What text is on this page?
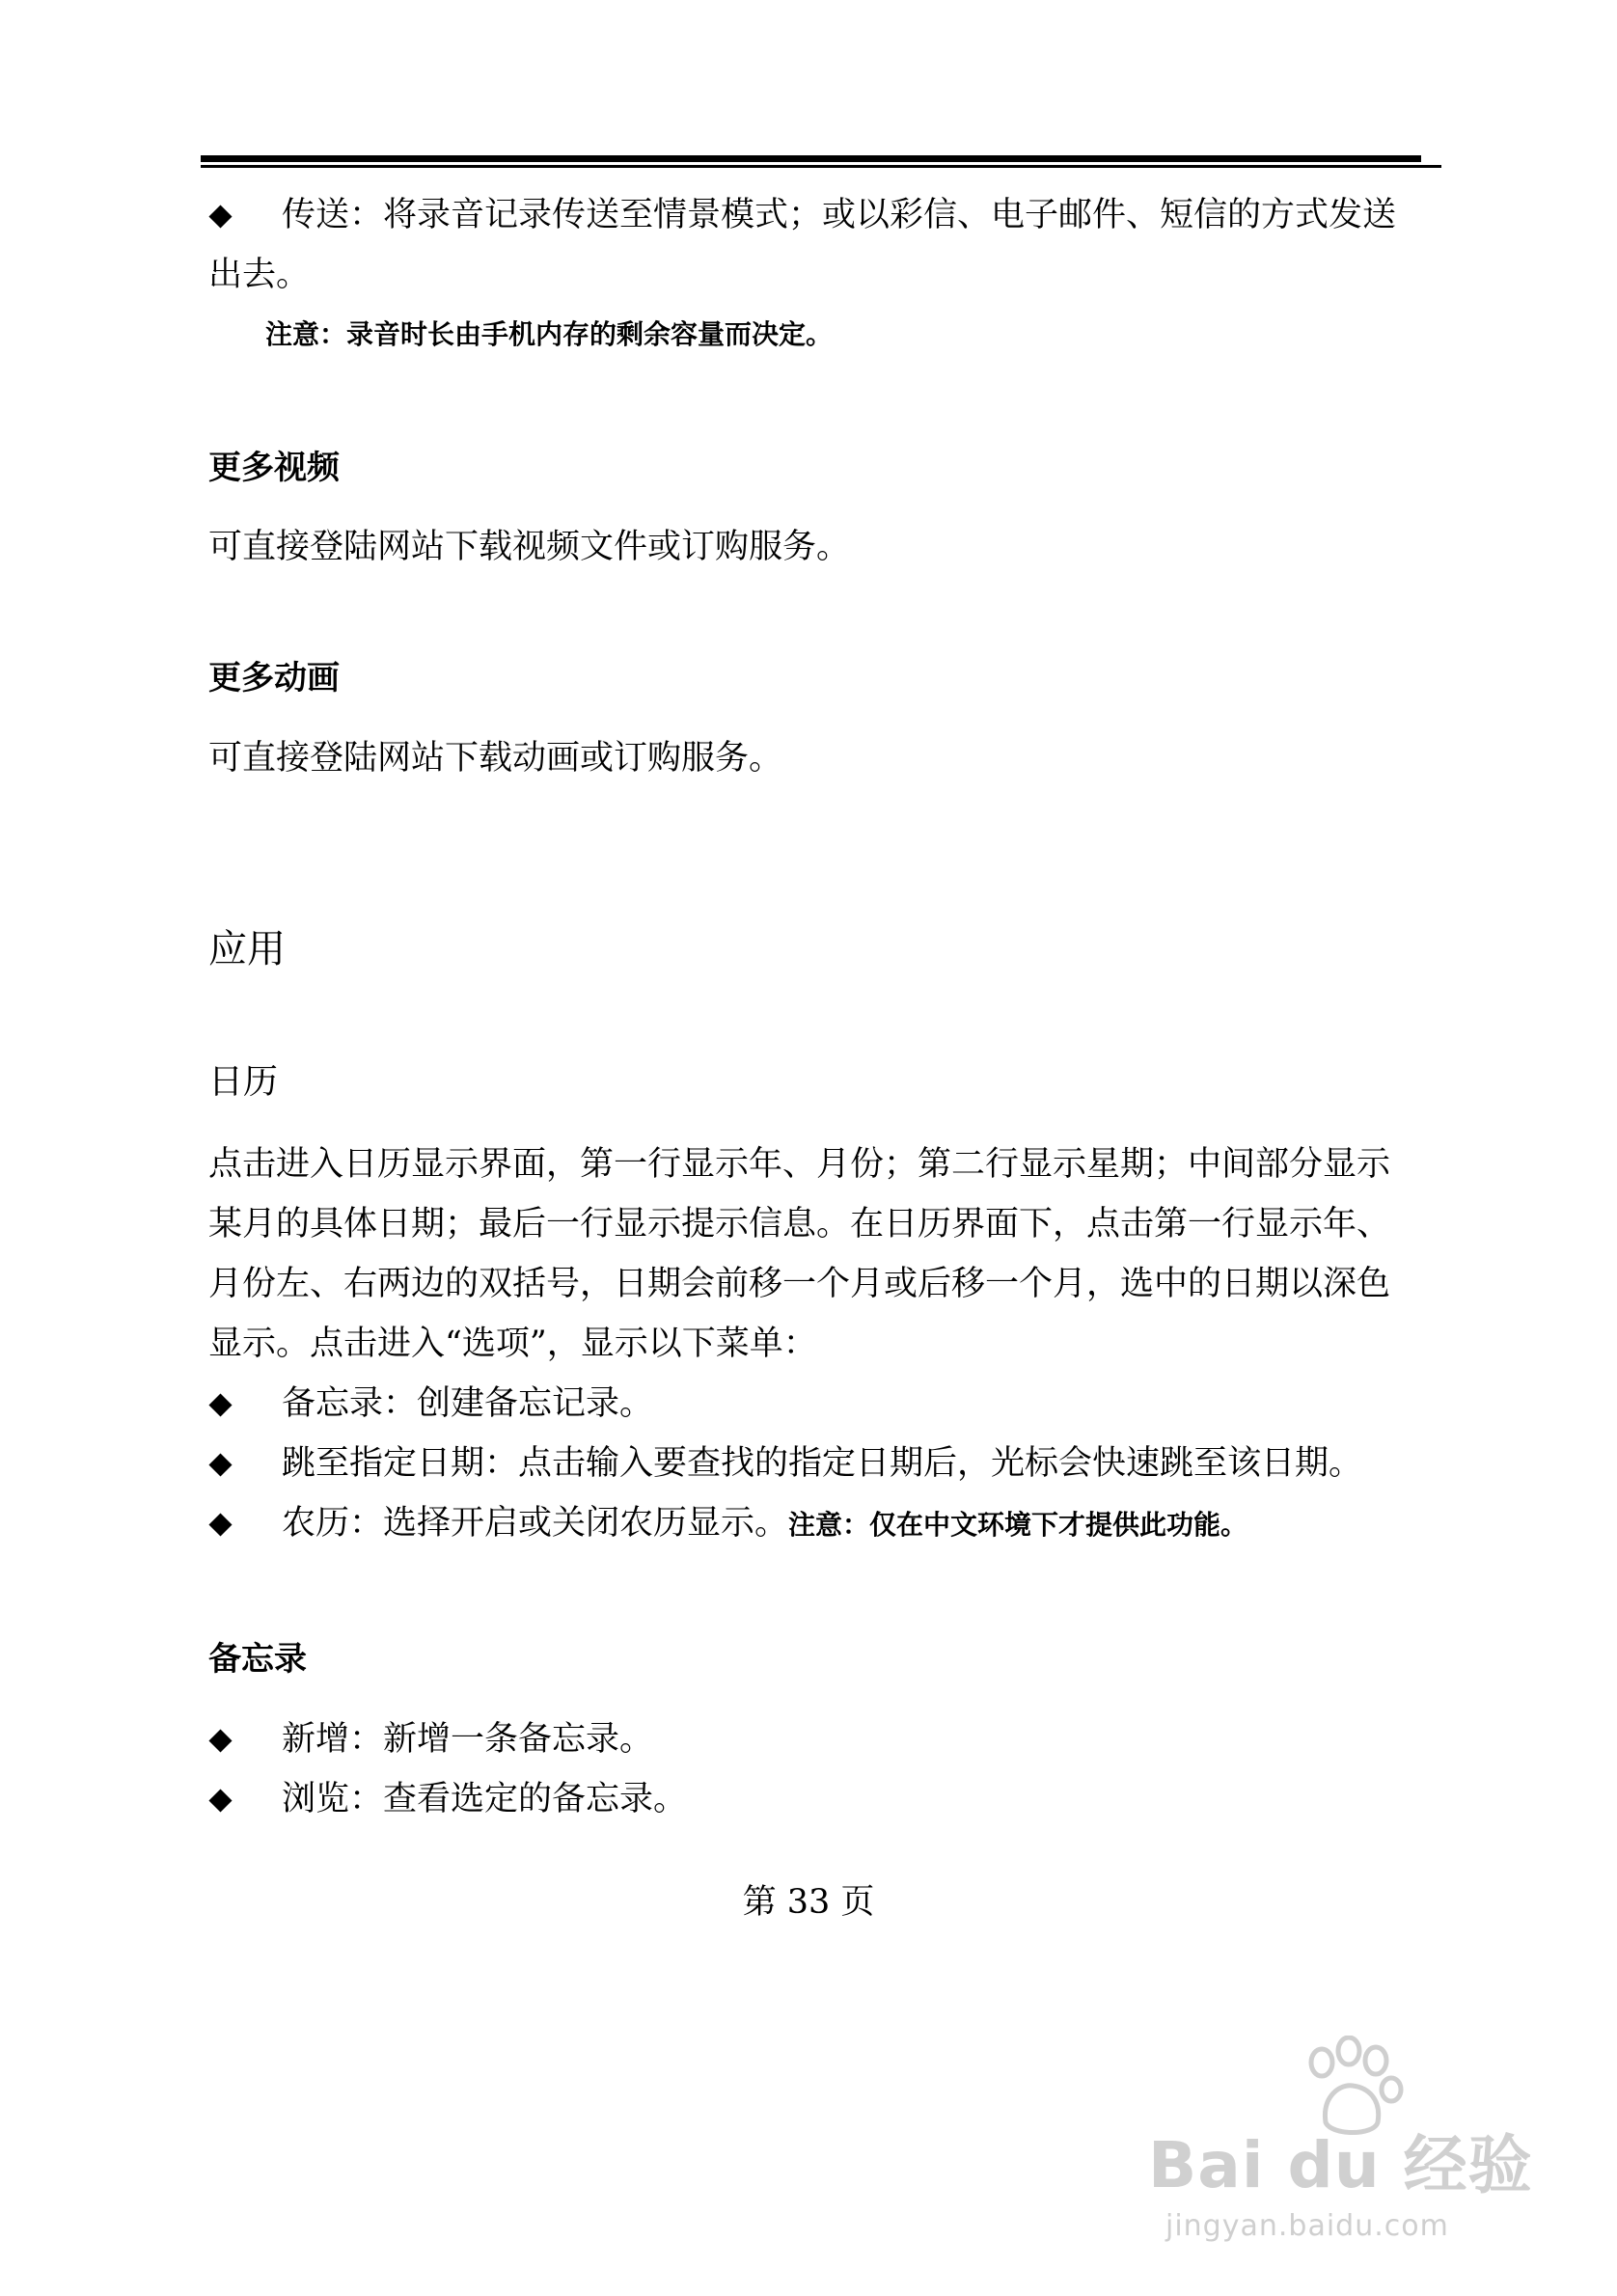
传送：将录音记录传送至情景模式；或以彩信、电子邮件、短信的方式发送
出去。
注意：录音时长由手机内存的剩余容量而决定。
更多视频
可直接登陆网站下载视频文件或订购服务。
更多动画
可直接登陆网站下载动画或订购服务。
应用
日历
点击进入日历显示界面，第一行显示年、月份；第二行显示星期；中间部分显示
某月的具体日期；最后一行显示提示信息。在日历界面下，点击第一行显示年、
月份左、右两边的双括号，日期会前移一个月或后移一个月，选中的日期以深色
显示。点击进入“选项”，显示以下菜单：
备忘录：创建备忘记录。
跳至指定日期：点击输入要查找的指定日期后，光标会快速跳至该日期。
农历：选择开启或关闭农历显示。注意：仅在中文环境下才提供此功能。
备忘录
新增：新增一条备忘录。
浏览：查看选定的备忘录。
第 33 页
Bai du 经验
jingyan.baidu.com
